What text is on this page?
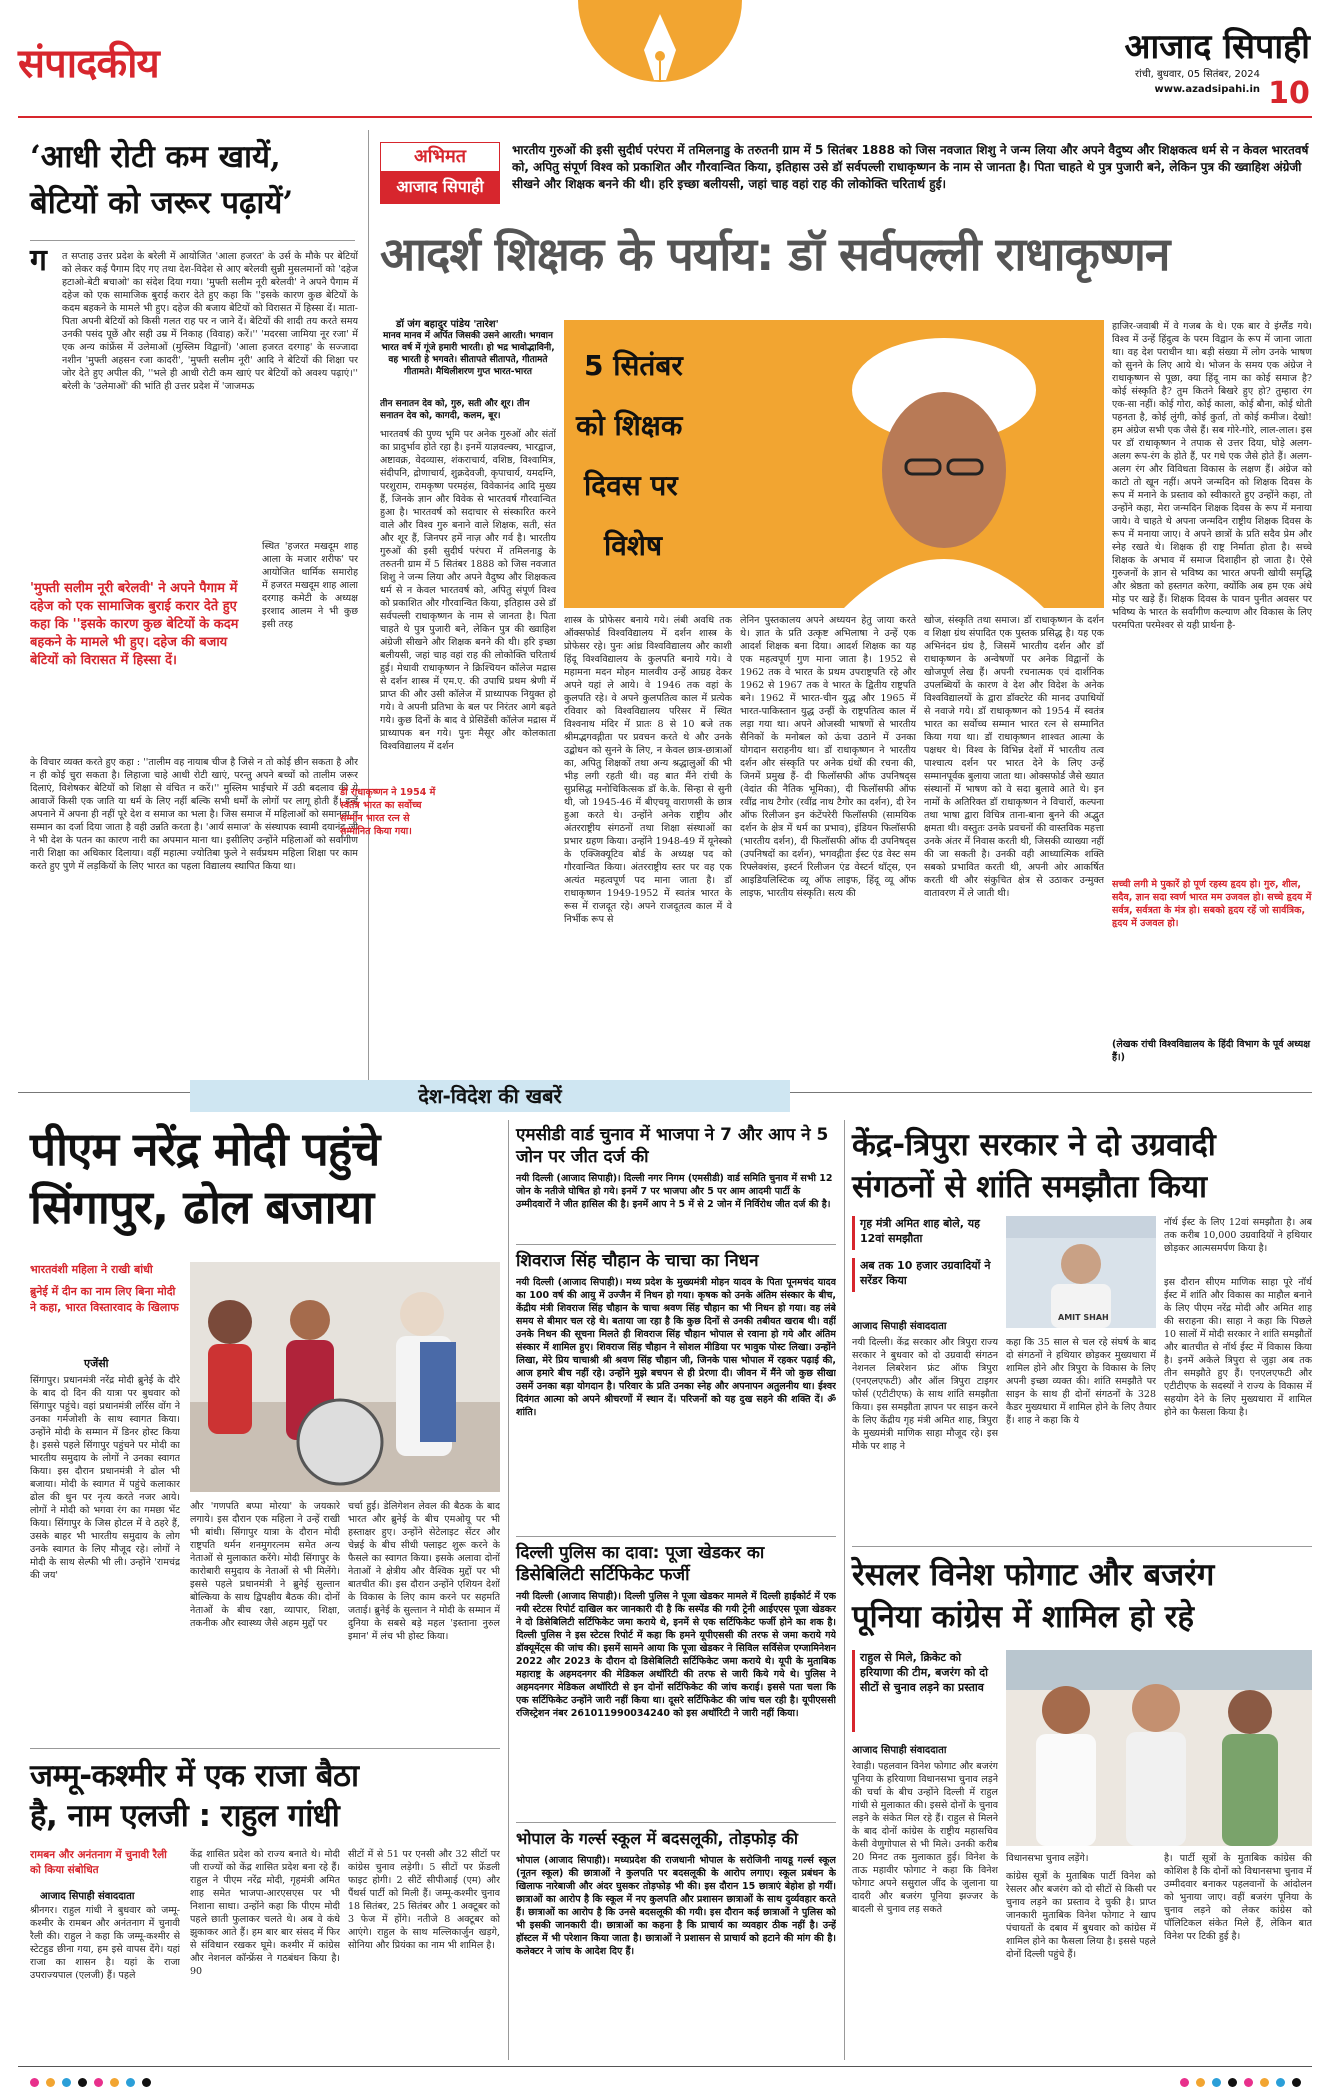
संपादकीय	आजाद सिपाही
रांची, बुधवार, 05 सितंबर, 2024
www.azadsipahi.in 10
‘आधी रोटी कम खायें,
बेटियों को जरूर पढ़ायें’
ग त सप्ताह उत्तर प्रदेश के बरेली में आयोजित 'आला हजरत' के उर्स के मौके पर बेटियों को लेकर कई पैगाम दिए गए तथा देश-विदेश से आए बरेलवी सुन्नी मुसलमानों को 'दहेज हटाओ-बेटी बचाओ' का संदेश दिया गया। 'मुफ्ती सलीम नूरी बरेलवी' ने अपने पैगाम में दहेज को एक सामाजिक बुराई करार देते हुए कहा कि ''इसके कारण कुछ बेटियों के कदम बहकने के मामले भी हुए। दहेज की बजाय बेटियों को विरासत में हिस्सा दें। माता-पिता अपनी बेटियों को किसी गलत राह पर न जाने दें। बेटियों की शादी तय करते समय उनकी पसंद पूछें और सही उम्र में निकाह (विवाह) करें।'' 'मदरसा जामिया नूर रजा' में एक अन्य कांफ्रेंस में उलेमाओं (मुस्लिम विद्वानों) 'आला हजरत दरगाह' के सज्जादा नशीन 'मुफ्ती अहसन रजा कादरी', 'मुफ्ती सलीम नूरी' आदि ने बेटियों की शिक्षा पर जोर देते हुए अपील की, ''भले ही आधी रोटी कम खाएं पर बेटियों को अवश्य पढ़ाएं।'' बरेली के 'उलेमाओं' की भांति ही उत्तर प्रदेश में 'जाजमऊ
स्थित 'हजरत मखदूम शाह आला के मजार शरीफ' पर आयोजित धार्मिक समारोह में हजरत मखदूम शाह आला दरगाह कमेटी के अध्यक्ष इरशाद आलम ने भी कुछ इसी तरह
'मुफ्ती सलीम नूरी बरेलवी' ने अपने पैगाम में दहेज को एक सामाजिक बुराई करार देते हुए कहा कि ''इसके कारण कुछ बेटियों के कदम बहकने के मामले भी हुए। दहेज की बजाय बेटियों को विरासत में हिस्सा दें।
के विचार व्यक्त करते हुए कहा : ''तालीम वह नायाब चीज है जिसे न तो कोई छीन सकता है और न ही कोई चुरा सकता है। लिहाजा चाहे आधी रोटी खाएं, परन्तु अपने बच्चों को तालीम जरूर दिलाएं, विशेषकर बेटियों को शिक्षा से वंचित न करें।'' मुस्लिम भाईचारे में उठी बदलाव की ये आवाजें किसी एक जाति या धर्म के लिए नहीं बल्कि सभी धर्मों के लोगों पर लागू होती हैं। इन्हें अपनाने में अपना ही नहीं पूरे देश व समाज का भला है। जिस समाज में महिलाओं को समानता व सम्मान का दर्जा दिया जाता है वही उन्नति करता है। 'आर्य समाज' के संस्थापक स्वामी दयानंद जी ने भी देश के पतन का कारण नारी का अपमान माना था। इसीलिए उन्होंने महिलाओं को सर्वांगीण नारी शिक्षा का अधिकार दिलाया। वहीं महात्मा ज्योतिबा फुले ने सर्वप्रथम महिला शिक्षा पर काम करते हुए पुणे में लड़कियों के लिए भारत का पहला विद्यालय स्थापित किया था।
अभिमत
आजाद सिपाही
भारतीय गुरुओं की इसी सुदीर्घ परंपरा में तमिलनाडु के तरुतनी ग्राम में 5 सितंबर 1888 को जिस नवजात शिशु ने जन्म लिया और अपने वैदुष्य और शिक्षकत्व धर्म से न केवल भारतवर्ष को, अपितु संपूर्ण विश्व को प्रकाशित और गौरवान्वित किया, इतिहास उसे डॉ सर्वपल्ली राधाकृष्णन के नाम से जानता है। पिता चाहते थे पुत्र पुजारी बने, लेकिन पुत्र की ख्वाहिश अंग्रेजी सीखने और शिक्षक बनने की थी। हरि इच्छा बलीयसी, जहां चाह वहां राह की लोकोक्ति चरितार्थ हुई।
आदर्श शिक्षक के पर्याय: डॉ सर्वपल्ली राधाकृष्णन
डॉ जंग बहादुर पांडेय 'तारेश'
मानव मानव में अर्पित जिसकी उसने आरती। भगवान भारत वर्ष में गूंजे हमारी भारती। हो भद्र भावोद्भाविनी, वह भारती हे भगवते। सीतापते सीतापते, गीतामते गीतामते। मैथिलीशरण गुप्त भारत-भारत
तीन सनातन देव को, गुरु, सती और शूर। तीन सनातन देव को, कागदी, कलम, बूर।
भारतवर्ष की पुण्य भूमि पर अनेक गुरुओं और संतों का प्रादुर्भाव होते रहा है। इनमें याज्ञवल्क्य, भारद्वाज, अष्टावक्र, वेदव्यास, शंकराचार्य, वशिष्ठ, विश्वामित्र, संदीपनि, द्रोणाचार्य, शुक्रदेवजी, कृपाचार्य, यमदग्नि, परशुराम, रामकृष्ण परमहंस, विवेकानंद आदि मुख्य हैं, जिनके ज्ञान और विवेक से भारतवर्ष गौरवान्वित हुआ है। भारतवर्ष को सदाचार से संस्कारित करने वाले और विश्व गुरु बनाने वाले शिक्षक, सती, संत और शूर हैं, जिनपर हमें नाज़ और गर्व है। भारतीय गुरुओं की इसी सुदीर्घ परंपरा में तमिलनाडु के तरुतनी ग्राम में 5 सितंबर 1888 को जिस नवजात शिशु ने जन्म लिया और अपने वैदुष्य और शिक्षकत्व धर्म से न केवल भारतवर्ष को, अपितु संपूर्ण विश्व को प्रकाशित और गौरवान्वित किया, इतिहास उसे डॉ सर्वपल्ली राधाकृष्णन के नाम से जानता है। पिता चाहते थे पुत्र पुजारी बने, लेकिन पुत्र की ख्वाहिश अंग्रेजी सीखने और शिक्षक बनने की थी। हरि इच्छा बलीयसी, जहां चाह वहां राह की लोकोक्ति चरितार्थ हुई। मेधावी राधाकृष्णन ने क्रिश्चियन कॉलेज मद्रास से दर्शन शास्त्र में एम.ए. की उपाधि प्रथम श्रेणी में प्राप्त की और उसी कॉलेज में प्राध्यापक नियुक्त हो गये। वे अपनी प्रतिभा के बल पर निरंतर आगे बढ़ते गये। कुछ दिनों के बाद वे प्रेसिडेंसी कॉलेज मद्रास में प्राध्यापक बन गये। पुनः मैसूर और कोलकाता विश्वविद्यालय में दर्शन
5 सितंबर
को शिक्षक
दिवस पर
विशेष
डॉ राधाकृष्णन ने 1954 में स्वतंत्र भारत का सर्वोच्च सम्मान भारत रत्न से सम्मानित किया गया।
शास्त्र के प्रोफेसर बनाये गये। लंबी अवधि तक ऑक्सफोर्ड विश्वविद्यालय में दर्शन शास्त्र के प्रोफेसर रहे। पुनः आंध्र विश्वविद्यालय और काशी हिंदू विश्वविद्यालय के कुलपति बनाये गये। वे महामना मदन मोहन मालवीय उन्हें आग्रह देकर अपने यहां ले आये। वे 1946 तक वहां के कुलपति रहे। वे अपने कुलपतित्व काल में प्रत्येक रविवार को विश्वविद्यालय परिसर में स्थित विश्वनाथ मंदिर में प्रातः 8 से 10 बजे तक श्रीमद्भगवद्गीता पर प्रवचन करते थे और उनके उद्बोधन को सुनने के लिए, न केवल छात्र-छात्राओं का, अपितु शिक्षकों तथा अन्य श्रद्धालुओं की भी भीड़ लगी रहती थी। वह बात मैंने रांची के सुप्रसिद्ध मनोचिकित्सक डॉ के.के. सिन्हा से सुनी थी, जो 1945-46 में बीएचयू वाराणसी के छात्र हुआ करते थे। उन्होंने अनेक राष्ट्रीय और अंतरराष्ट्रीय संगठनों तथा शिक्षा संस्थाओं का प्रभार ग्रहण किया। उन्होंने 1948-49 में यूनेस्को के एक्जिक्यूटिव बोर्ड के अध्यक्ष पद को गौरवान्वित किया। अंतरराष्ट्रीय स्तर पर वह एक अत्यंत महत्वपूर्ण पद माना जाता है। डॉ राधाकृष्णन 1949-1952 में स्वतंत्र भारत के रूस में राजदूत रहे। अपने राजदूतत्व काल में वे निर्भीक रूप से
लेनिन पुस्तकालय अपने अध्ययन हेतु जाया करते थे। ज्ञात के प्रति उत्कृष्ट अभिलाषा ने उन्हें एक आदर्श शिक्षक बना दिया। आदर्श शिक्षक का यह एक महत्वपूर्ण गुण माना जाता है। 1952 से 1962 तक वे भारत के प्रथम उपराष्ट्रपति रहे और 1962 से 1967 तक वे भारत के द्वितीय राष्ट्रपति बने। 1962 में भारत-चीन युद्ध और 1965 में भारत-पाकिस्तान युद्ध उन्हीं के राष्ट्रपतित्व काल में लड़ा गया था। अपने ओजस्वी भाषणों से भारतीय सैनिकों के मनोबल को ऊंचा उठाने में उनका योगदान सराहनीय था। डॉ राधाकृष्णन ने भारतीय दर्शन और संस्कृति पर अनेक ग्रंथों की रचना की, जिनमें प्रमुख हैं- दी फिलॉसफी ऑफ उपनिषद्स (वेदांत की नैतिक भूमिका), दी फिलॉसफी ऑफ रवींद्र नाथ टैगोर (रवींद्र नाथ टैगोर का दर्शन), दी रेन ऑफ रिलीजन इन कंटेंपरेरी फिलॉसफी (सामयिक दर्शन के क्षेत्र में धर्म का प्रभाव), इंडियन फिलॉसफी (भारतीय दर्शन), दी फिलॉसफी ऑफ दी उपनिषद्स (उपनिषदों का दर्शन), भगवद्गीता ईस्ट एंड वेस्ट सम रिफ्लेक्शंस, इस्टर्न रिलीजन एंड वेस्टर्न थॉट्स, एन आइडियलिस्टिक व्यू ऑफ लाइफ, हिंदू व्यू ऑफ लाइफ, भारतीय संस्कृति। सत्य की
खोज, संस्कृति तथा समाज। डॉ राधाकृष्णन के दर्शन व शिक्षा ग्रंथ संपादित एक पुस्तक प्रसिद्ध है। यह एक अभिनंदन ग्रंथ है, जिसमें भारतीय दर्शन और डॉ राधाकृष्णन के अन्वेषणों पर अनेक विद्वानों के खोजपूर्ण लेख हैं। अपनी रचनात्मक एवं दार्शनिक उपलब्धियों के कारण वे देश और विदेश के अनेक विश्वविद्यालयों के द्वारा डॉक्टरेट की मानद उपाधियों से नवाजे गये। डॉ राधाकृष्णन को 1954 में स्वतंत्र भारत का सर्वोच्च सम्मान भारत रत्न से सम्मानित किया गया था। डॉ राधाकृष्णन शाश्वत आत्मा के पक्षधर थे। विश्व के विभिन्न देशों में भारतीय तत्व पाश्चात्य दर्शन पर भारत देने के लिए उन्हें सम्मानपूर्वक बुलाया जाता था। ओक्सफोर्ड जैसे ख्यात संस्थानों में भाषण को वे सदा बुलावे आते थे। इन नामों के अतिरिक्त डॉ राधाकृष्णन ने विचारों, कल्पना तथा भाषा द्वारा विचित्र ताना-बाना बुनने की अद्भुत क्षमता थी। वस्तुतः उनके प्रवचनों की वास्तविक महत्ता उनके अंतर में निवास करती थी, जिसकी व्याख्या नहीं की जा सकती है। उनकी वही आध्यात्मिक शक्ति सबको प्रभावित करती थी, अपनी ओर आकर्षित करती थी और संकुचित क्षेत्र से उठाकर उन्मुक्त वातावरण में ले जाती थी।
हाजिर-जवाबी में वे गजब के थे। एक बार वे इंग्लैंड गये। विश्व में उन्हें हिंदुत्व के परम विद्वान के रूप में जाना जाता था। वह देश पराधीन था। बड़ी संख्या में लोग उनके भाषण को सुनने के लिए आये थे। भोजन के समय एक अंग्रेज ने राधाकृष्णन से पूछा, क्या हिंदू नाम का कोई समाज है? कोई संस्कृति है? तुम कितने बिखरे हुए हो? तुम्हारा रंग एक-सा नहीं। कोई गोरा, कोई काला, कोई बौना, कोई धोती पहनता है, कोई लुंगी, कोई कुर्ता, तो कोई कमीज। देखो! हम अंग्रेज सभी एक जैसे हैं। सब गोरे-गोरे, लाल-लाल। इस पर डॉ राधाकृष्णन ने तपाक से उत्तर दिया, घोड़े अलग-अलग रूप-रंग के होते हैं, पर गधे एक जैसे होते हैं। अलग-अलग रंग और विविधता विकास के लक्षण हैं। अंग्रेज को काटो तो खून नहीं। अपने जन्मदिन को शिक्षक दिवस के रूप में मनाने के प्रस्ताव को स्वीकारते हुए उन्होंने कहा, तो उन्होंने कहा, मेरा जन्मदिन शिक्षक दिवस के रूप में मनाया जाये। वे चाहते थे अपना जन्मदिन राष्ट्रीय शिक्षक दिवस के रूप में मनाया जाए। वे अपने छात्रों के प्रति सदैव प्रेम और स्नेह रखते थे। शिक्षक ही राष्ट्र निर्माता होता है। सच्चे शिक्षक के अभाव में समाज दिशाहीन हो जाता है। ऐसे गुरुजनों के ज्ञान से भविष्य का भारत अपनी खोयी समृद्धि और श्रेष्ठता को हस्तगत करेगा, क्योंकि अब हम एक अंधे मोड़ पर खड़े हैं। शिक्षक दिवस के पावन पुनीत अवसर पर भविष्य के भारत के सर्वांगीण कल्याण और विकास के लिए परमपिता परमेश्वर से यही प्रार्थना है-
सच्ची लगी मे पुकारें हो पूर्ण रहस्य हृदय हो। गुरु, शील, सदैव, ज्ञान सदा स्वर्ण भारत मम उजवल हो। सच्चे हृदय में सर्वत्र, सर्वत्रता के मंत्र हो। सबको हृदय रहें जो सार्वत्रिक, हृदय में उजवल हो।
(लेखक रांची विश्वविद्यालय के हिंदी विभाग के पूर्व अध्यक्ष हैं।)
देश-विदेश की खबरें
पीएम नरेंद्र मोदी पहुंचे
सिंगापुर, ढोल बजाया
भारतवंशी महिला ने राखी बांधी
ब्रुनेई में दीन का नाम लिए बिना मोदी ने कहा, भारत विस्तारवाद के खिलाफ
एजेंसी
सिंगापुर। प्रधानमंत्री नरेंद्र मोदी ब्रुनेई के दौरे के बाद दो दिन की यात्रा पर बुधवार को सिंगापुर पहुंचे। वहां प्रधानमंत्री लॉरेंस वोंग ने उनका गर्मजोशी के साथ स्वागत किया। उन्होंने मोदी के सम्मान में डिनर होस्ट किया है। इससे पहले सिंगापुर पहुंचने पर मोदी का भारतीय समुदाय के लोगों ने उनका स्वागत किया। इस दौरान प्रधानमंत्री ने ढोल भी बजाया। मोदी के स्वागत में पहुंचे कलाकार ढोल की धुन पर नृत्य करते नजर आये। लोगों ने मोदी को भगवा रंग का गमछा भेंट किया। सिंगापुर के जिस होटल में वे ठहरे हैं, उसके बाहर भी भारतीय समुदाय के लोग उनके स्वागत के लिए मौजूद रहे। लोगों ने मोदी के साथ सेल्फी भी ली। उन्होंने 'रामचंद्र की जय'
और 'गणपति बप्पा मोरया' के जयकारे लगाये। इस दौरान एक महिला ने उन्हें राखी भी बांधी। सिंगापुर यात्रा के दौरान मोदी राष्ट्रपति थर्मन शनमुगरत्नम समेत अन्य नेताओं से मुलाकात करेंगे। मोदी सिंगापुर के कारोबारी समुदाय के नेताओं से भी मिलेंगे। इससे पहले प्रधानमंत्री ने ब्रुनेई सुल्तान बोल्किया के साथ द्विपक्षीय बैठक की। दोनों नेताओं के बीच रक्षा, व्यापार, शिक्षा, तकनीक और स्वास्थ्य जैसे अहम मुद्दों पर
चर्चा हुई। डेलिगेशन लेवल की बैठक के बाद भारत और ब्रुनेई के बीच एमओयू पर भी हस्ताक्षर हुए। उन्होंने सेटेलाइट सेंटर और चेन्नई के बीच सीधी फ्लाइट शुरू करने के फैसले का स्वागत किया। इसके अलावा दोनों नेताओं ने क्षेत्रीय और वैश्विक मुद्दों पर भी बातचीत की। इस दौरान उन्होंने एशियन देशों के विकास के लिए काम करने पर सहमति जताई। ब्रुनेई के सुल्तान ने मोदी के सम्मान में दुनिया के सबसे बड़े महल 'इस्ताना नुरुल इमान' में लंच भी होस्ट किया।
जम्मू-कश्मीर में एक राजा बैठा
है, नाम एलजी : राहुल गांधी
रामबन और अनंतनाग में चुनावी रैली को किया संबोधित
आजाद सिपाही संवाददाता
श्रीनगर। राहुल गांधी ने बुधवार को जम्मू-कश्मीर के रामबन और अनंतनाग में चुनावी रैली की। राहुल ने कहा कि जम्मू-कश्मीर से स्टेटहुड छीना गया, हम इसे वापस देंगे। यहां राजा का शासन है। यहां के राजा उपराज्यपाल (एलजी) हैं। पहले
केंद्र शासित प्रदेश को राज्य बनाते थे। मोदी जी राज्यों को केंद्र शासित प्रदेश बना रहे हैं। राहुल ने पीएम नरेंद्र मोदी, गृहमंत्री अमित शाह समेत भाजपा-आरएसएस पर भी निशाना साधा। उन्होंने कहा कि पीएम मोदी पहले छाती फुलाकर चलते थे। अब वे कंधे झुकाकर आते हैं। हम बार बार संसद में फिर से संविधान रखकर घूमे। कश्मीर में कांग्रेस और नेशनल कॉन्फ्रेंस ने गठबंधन किया है। 90
सीटों में से 51 पर एनसी और 32 सीटों पर कांग्रेस चुनाव लड़ेगी। 5 सीटों पर फ्रेंडली फाइट होगी। 2 सीटें सीपीआई (एम) और पैंथर्स पार्टी को मिली हैं। जम्मू-कश्मीर चुनाव 18 सितंबर, 25 सितंबर और 1 अक्टूबर को 3 फेज में होंगे। नतीजे 8 अक्टूबर को आएंगे। राहुल के साथ मल्लिकार्जुन खड़गे, सोनिया और प्रियंका का नाम भी शामिल है।
एमसीडी वार्ड चुनाव में भाजपा ने 7 और आप ने 5 जोन पर जीत दर्ज की
नयी दिल्ली (आजाद सिपाही)। दिल्ली नगर निगम (एमसीडी) वार्ड समिति चुनाव में सभी 12 जोन के नतीजे घोषित हो गये। इनमें 7 पर भाजपा और 5 पर आम आदमी पार्टी के उम्मीदवारों ने जीत हासिल की है। इनमें आप ने 5 में से 2 जोन में निर्विरोध जीत दर्ज की है।
शिवराज सिंह चौहान के चाचा का निधन
नयी दिल्ली (आजाद सिपाही)। मध्य प्रदेश के मुख्यमंत्री मोहन यादव के पिता पूनमचंद यादव का 100 वर्ष की आयु में उज्जैन में निधन हो गया। कृषक को उनके अंतिम संस्कार के बीच, केंद्रीय मंत्री शिवराज सिंह चौहान के चाचा श्रवण सिंह चौहान का भी निधन हो गया। वह लंबे समय से बीमार चल रहे थे। बताया जा रहा है कि कुछ दिनों से उनकी तबीयत खराब थी। वहीं उनके निधन की सूचना मिलते ही शिवराज सिंह चौहान भोपाल से रवाना हो गये और अंतिम संस्कार में शामिल हुए। शिवराज सिंह चौहान ने सोशल मीडिया पर भावुक पोस्ट लिखा। उन्होंने लिखा, मेरे प्रिय चाचाश्री श्री श्रवण सिंह चौहान जी, जिनके पास भोपाल में रहकर पढ़ाई की, आज हमारे बीच नहीं रहे। उन्होंने मुझे बचपन से ही प्रेरणा दी। जीवन में मैंने जो कुछ सीखा उसमें उनका बड़ा योगदान है। परिवार के प्रति उनका स्नेह और अपनापन अतुलनीय था। ईश्वर दिवंगत आत्मा को अपने श्रीचरणों में स्थान दें। परिजनों को यह दुख सहने की शक्ति दें। ॐ शांति।
दिल्ली पुलिस का दावा: पूजा खेडकर का डिसेबिलिटी सर्टिफिकेट फर्जी
नयी दिल्ली (आजाद सिपाही)। दिल्ली पुलिस ने पूजा खेडकर मामले में दिल्ली हाईकोर्ट में एक नयी स्टेटस रिपोर्ट दाखिल कर जानकारी दी है कि सस्पेंड की गयी ट्रेनी आईएएस पूजा खेडकर ने दो डिसेबिलिटी सर्टिफिकेट जमा कराये थे, इनमें से एक सर्टिफिकेट फर्जी होने का शक है। दिल्ली पुलिस ने इस स्टेटस रिपोर्ट में कहा कि हमने यूपीएससी की तरफ से जमा कराये गये डॉक्यूमेंट्स की जांच की। इसमें सामने आया कि पूजा खेडकर ने सिविल सर्विसेज एग्जामिनेशन 2022 और 2023 के दौरान दो डिसेबिलिटी सर्टिफिकेट जमा कराये थे। यूपी के मुताबिक महाराष्ट्र के अहमदनगर की मेडिकल अथॉरिटी की तरफ से जारी किये गये थे। पुलिस ने अहमदनगर मेडिकल अथॉरिटी से इन दोनों सर्टिफिकेट की जांच कराई। इससे पता चला कि एक सर्टिफिकेट उन्होंने जारी नहीं किया था। दूसरे सर्टिफिकेट की जांच चल रही है। यूपीएससी रजिस्ट्रेशन नंबर 261011990034240 को इस अथॉरिटी ने जारी नहीं किया।
भोपाल के गर्ल्स स्कूल में बदसलूकी, तोड़फोड़ की
भोपाल (आजाद सिपाही)। मध्यप्रदेश की राजधानी भोपाल के सरोजिनी नायडू गर्ल्स स्कूल (नूतन स्कूल) की छात्राओं ने कुलपति पर बदसलूकी के आरोप लगाए। स्कूल प्रबंधन के खिलाफ नारेबाजी और अंदर घुसकर तोड़फोड़ भी की। इस दौरान 15 छात्राएं बेहोश हो गयीं। छात्राओं का आरोप है कि स्कूल में नए कुलपति और प्रशासन छात्राओं के साथ दुर्व्यवहार करते हैं। छात्राओं का आरोप है कि उनसे बदसलूकी की गयी। इस दौरान कई छात्राओं ने पुलिस को भी इसकी जानकारी दी। छात्राओं का कहना है कि प्राचार्य का व्यवहार ठीक नहीं है। उन्हें हॉस्टल में भी परेशान किया जाता है। छात्राओं ने प्रशासन से प्राचार्य को हटाने की मांग की है। कलेक्टर ने जांच के आदेश दिए हैं।
केंद्र-त्रिपुरा सरकार ने दो उग्रवादी
संगठनों से शांति समझौता किया
गृह मंत्री अमित शाह बोले, यह 12वां समझौता
अब तक 10 हजार उग्रवादियों ने सरेंडर किया
आजाद सिपाही संवाददाता
नयी दिल्ली। केंद्र सरकार और त्रिपुरा राज्य सरकार ने बुधवार को दो उग्रवादी संगठन नेशनल लिबरेशन फ्रंट ऑफ त्रिपुरा (एनएलएफटी) और ऑल त्रिपुरा टाइगर फोर्स (एटीटीएफ) के साथ शांति समझौता किया। इस समझौता ज्ञापन पर साइन करने के लिए केंद्रीय गृह मंत्री अमित शाह, त्रिपुरा के मुख्यमंत्री माणिक साहा मौजूद रहे। इस मौके पर शाह ने
AMIT SHAH
कहा कि 35 साल से चल रहे संघर्ष के बाद दो संगठनों ने हथियार छोड़कर मुख्यधारा में शामिल होने और त्रिपुरा के विकास के लिए अपनी इच्छा व्यक्त की। शांति समझौते पर साइन के साथ ही दोनों संगठनों के 328 कैडर मुख्यधारा में शामिल होने के लिए तैयार हैं। शाह ने कहा कि ये
नॉर्थ ईस्ट के लिए 12वां समझौता है। अब तक करीब 10,000 उग्रवादियों ने हथियार छोड़कर आत्मसमर्पण किया है।
इस दौरान सीएम माणिक साहा पूरे नॉर्थ ईस्ट में शांति और विकास का माहौल बनाने के लिए पीएम नरेंद्र मोदी और अमित शाह की सराहना की। साहा ने कहा कि पिछले 10 सालों में मोदी सरकार ने शांति समझौतों और बातचीत से नॉर्थ ईस्ट में विकास किया है। इनमें अकेले त्रिपुरा से जुड़ा अब तक तीन समझौते हुए हैं। एनएलएफटी और एटीटीएफ के सदस्यों ने राज्य के विकास में सहयोग देने के लिए मुख्यधारा में शामिल होने का फैसला किया है।
रेसलर विनेश फोगाट और बजरंग
पूनिया कांग्रेस में शामिल हो रहे
राहुल से मिले, क्रिकेट को हरियाणा की टीम, बजरंग को दो सीटों से चुनाव लड़ने का प्रस्ताव
आजाद सिपाही संवाददाता
रेवाड़ी। पहलवान विनेश फोगाट और बजरंग पूनिया के हरियाणा विधानसभा चुनाव लड़ने की चर्चा के बीच उन्होंने दिल्ली में राहुल गांधी से मुलाकात की। इससे दोनों के चुनाव लड़ने के संकेत मिल रहे हैं। राहुल से मिलने के बाद दोनों कांग्रेस के राष्ट्रीय महासचिव केसी वेणुगोपाल से भी मिले। उनकी करीब 20 मिनट तक मुलाकात हुई। विनेश के ताऊ महावीर फोगाट ने कहा कि विनेश फोगाट अपने ससुराल जींद के जुलाना या दादरी और बजरंग पूनिया झज्जर के बादली से चुनाव लड़ सकते
विधानसभा चुनाव लड़ेंगे।
कांग्रेस सूत्रों के मुताबिक पार्टी विनेश को रेसलर और बजरंग को दो सीटों से किसी पर चुनाव लड़ने का प्रस्ताव दे चुकी है। प्राप्त जानकारी मुताबिक विनेश फोगाट ने खाप पंचायतों के दबाव में बुधवार को कांग्रेस में शामिल होने का फैसला लिया है। इससे पहले दोनों दिल्ली पहुंचे हैं।
है। पार्टी सूत्रों के मुताबिक कांग्रेस की कोशिश है कि दोनों को विधानसभा चुनाव में उम्मीदवार बनाकर पहलवानों के आंदोलन को भुनाया जाए। वहीं बजरंग पूनिया के चुनाव लड़ने को लेकर कांग्रेस को पॉलिटिकल संकेत मिले हैं, लेकिन बात विनेश पर टिकी हुई है।
